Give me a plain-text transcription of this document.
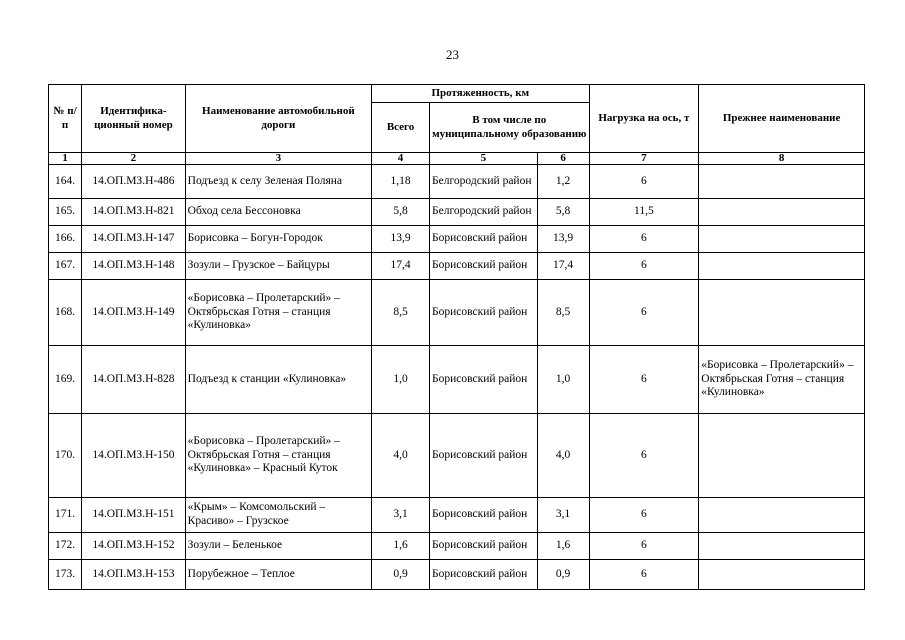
23
№ п/п	Идентифика-ционный номер	Наименование автомобильной дороги	Протяженность, км			Нагрузка на ось, т	Прежнее наименование
			Всего	В том числе по муниципальному образованию			
1	2	3	4	5	6	7	8
164.	14.ОП.МЗ.Н-486	Подъезд к селу Зеленая Поляна	1,18	Белгородский район	1,2	6	
165.	14.ОП.МЗ.Н-821	Обход села Бессоновка	5,8	Белгородский район	5,8	11,5	
166.	14.ОП.МЗ.Н-147	Борисовка – Богун-Городок	13,9	Борисовский район	13,9	6	
167.	14.ОП.МЗ.Н-148	Зозули – Грузское – Байцуры	17,4	Борисовский район	17,4	6	
168.	14.ОП.МЗ.Н-149	«Борисовка – Пролетарский» – Октябрьская Готня – станция «Кулиновка»	8,5	Борисовский район	8,5	6	
169.	14.ОП.МЗ.Н-828	Подъезд к станции «Кулиновка»	1,0	Борисовский район	1,0	6	«Борисовка – Пролетарский» – Октябрьская Готня – станция «Кулиновка»
170.	14.ОП.МЗ.Н-150	«Борисовка – Пролетарский» – Октябрьская Готня – станция «Кулиновка» – Красный Куток	4,0	Борисовский район	4,0	6	
171.	14.ОП.МЗ.Н-151	«Крым» – Комсомольский – Красиво» – Грузское	3,1	Борисовский район	3,1	6	
172.	14.ОП.МЗ.Н-152	Зозули – Беленькое	1,6	Борисовский район	1,6	6	
173.	14.ОП.МЗ.Н-153	Порубежное – Теплое	0,9	Борисовский район	0,9	6	
